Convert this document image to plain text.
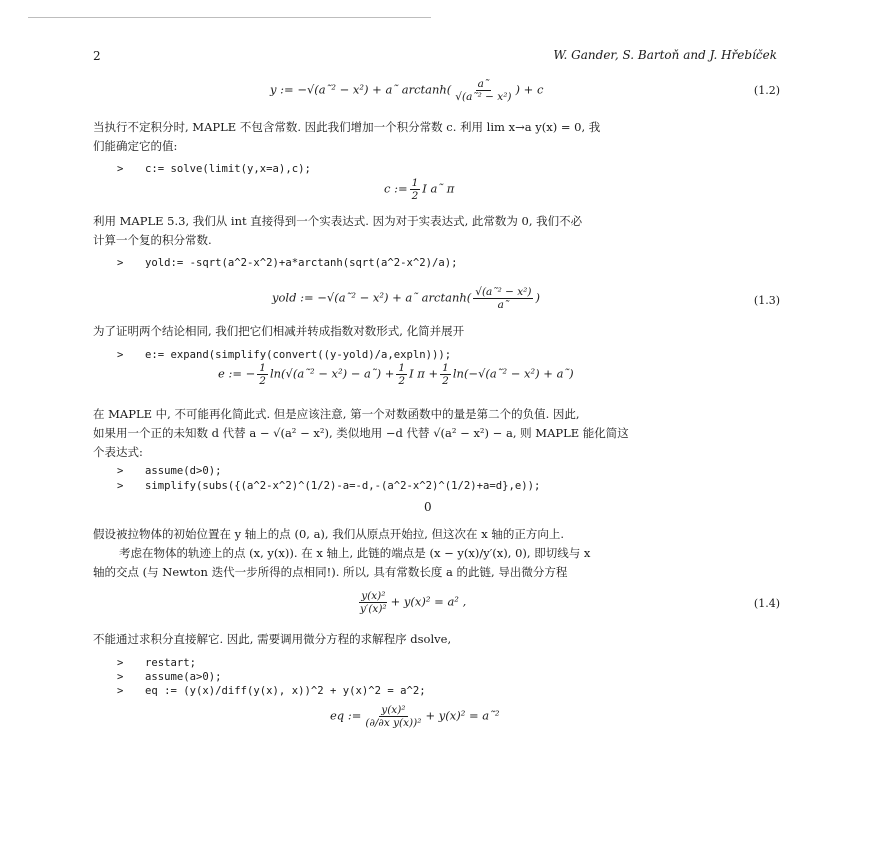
2	W. Gander, S. Bartoň and J. Hřebíček
y := −√(a˜² − x²) + a˜ $\arctan h( \frac{a˜}{\text{√(a˜² − x²)}}$ ) + c	(1.2)
当执行不定积分时, MAPLE 不包含常数. 因此我们增加一个积分常数 c. 利用 lim x→a y(x) = 0, 我
们能确定它的值:
> c:= solve(limit(y,x=a),c);
c := $\frac{1}{2}$ I a˜ π
利用 MAPLE 5.3, 我们从 int 直接得到一个实表达式. 因为对于实表达式, 此常数为 0, 我们不必
计算一个复的积分常数.
> yold:= -sqrt(a^2-x^2)+a*arctanh(sqrt(a^2-x^2)/a);
yold := −√(a˜² − x²) + a˜ $\arctan h( \frac{\text{√(a˜² − x²)}}{a˜}$ )	(1.3)
为了证明两个结论相同, 我们把它们相减并转成指数对数形式, 化简并展开
> e:= expand(simplify(convert((y-yold)/a,expln)));
e := − $\frac{1}{2}$ ln(√(a˜² − x²) − a˜) + $\frac{1}{2}$ I $\pi + \frac{1}{2}$ ln(−√(a˜² − x²) + a˜)
在 MAPLE 中, 不可能再化简此式. 但是应该注意, 第一个对数函数中的量是第二个的负值. 因此,
如果用一个正的未知数 d 代替 a − √(a² − x²), 类似地用 −d 代替 √(a² − x²) − a, 则 MAPLE 能化简这
个表达式:
> assume(d>0);
> simplify(subs({(a^2-x^2)^(1/2)-a=-d,-(a^2-x^2)^(1/2)+a=d},e));
0
假设被拉物体的初始位置在 y 轴上的点 (0, a), 我们从原点开始拉, 但这次在 x 轴的正方向上.
考虑在物体的轨迹上的点 (x, y(x)). 在 x 轴上, 此链的端点是 (x − y(x)/y′(x), 0), 即切线与 x
轴的交点 (与 Newton 迭代一步所得的点相同!). 所以, 具有常数长度 a 的此链, 导出微分方程
$\frac{\text{y(x)²}}{\text{y′(x)²}} + y(x)^2 = a^2$ ,	(1.4)
不能通过求积分直接解它. 因此, 需要调用微分方程的求解程序 dsolve,
> restart;
> assume(a>0);
> eq := (y(x)/diff(y(x), x))^2 + y(x)^2 = a^2;
eq := $\frac{\text{y(x)²}}{\text{(∂/∂x y(x))²}} + y(x)^2$ = a˜²
